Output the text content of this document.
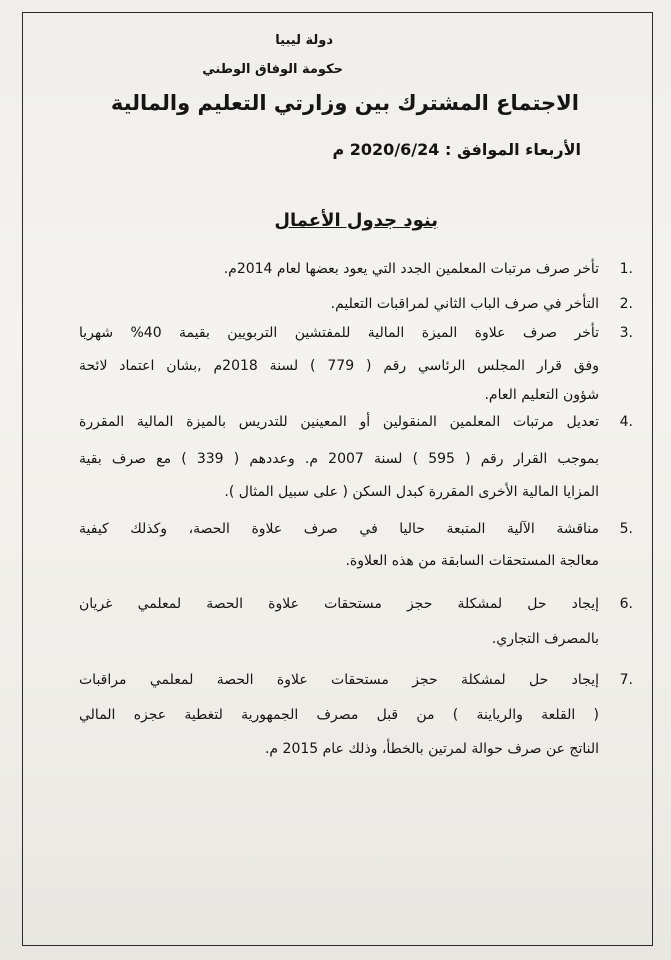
دولة ليبيا
حكومة الوفاق الوطني
الاجتماع المشترك بين وزارتي التعليم والمالية
الأربعاء الموافق : 2020/6/24 م
بنود جدول الأعمال
1.
تأخر صرف مرتبات المعلمين الجدد التي يعود بعضها لعام 2014م.
2.
التأخر في صرف الباب الثاني لمراقبات التعليم.
3.
تأخر صرف علاوة الميزة المالية للمفتشين التربويين بقيمة 40% شهريا
وفق قرار المجلس الرئاسي رقم ( 779 ) لسنة 2018م ,بشان اعتماد لائحة
شؤون التعليم العام.
4.
تعديل مرتبات المعلمين المنقولين أو المعينين للتدريس بالميزة المالية المقررة
بموجب القرار رقم ( 595 ) لسنة 2007 م. وعددهم ( 339 ) مع صرف بقية
المزايا المالية الأخرى المقررة كبدل السكن ( على سبيل المثال ).
5.
مناقشة الآلية المتبعة حاليا في صرف علاوة الحصة، وكذلك كيفية
معالجة المستحقات السابقة من هذه العلاوة.
6.
إيجاد حل لمشكلة حجز مستحقات علاوة الحصة لمعلمي غريان
بالمصرف التجاري.
7.
إيجاد حل لمشكلة حجز مستحقات علاوة الحصة لمعلمي مراقبات
( القلعة والرياينة ) من قبل مصرف الجمهورية لتغطية عجزه المالي
الناتج عن صرف حوالة لمرتين بالخطأ، وذلك عام 2015 م.
